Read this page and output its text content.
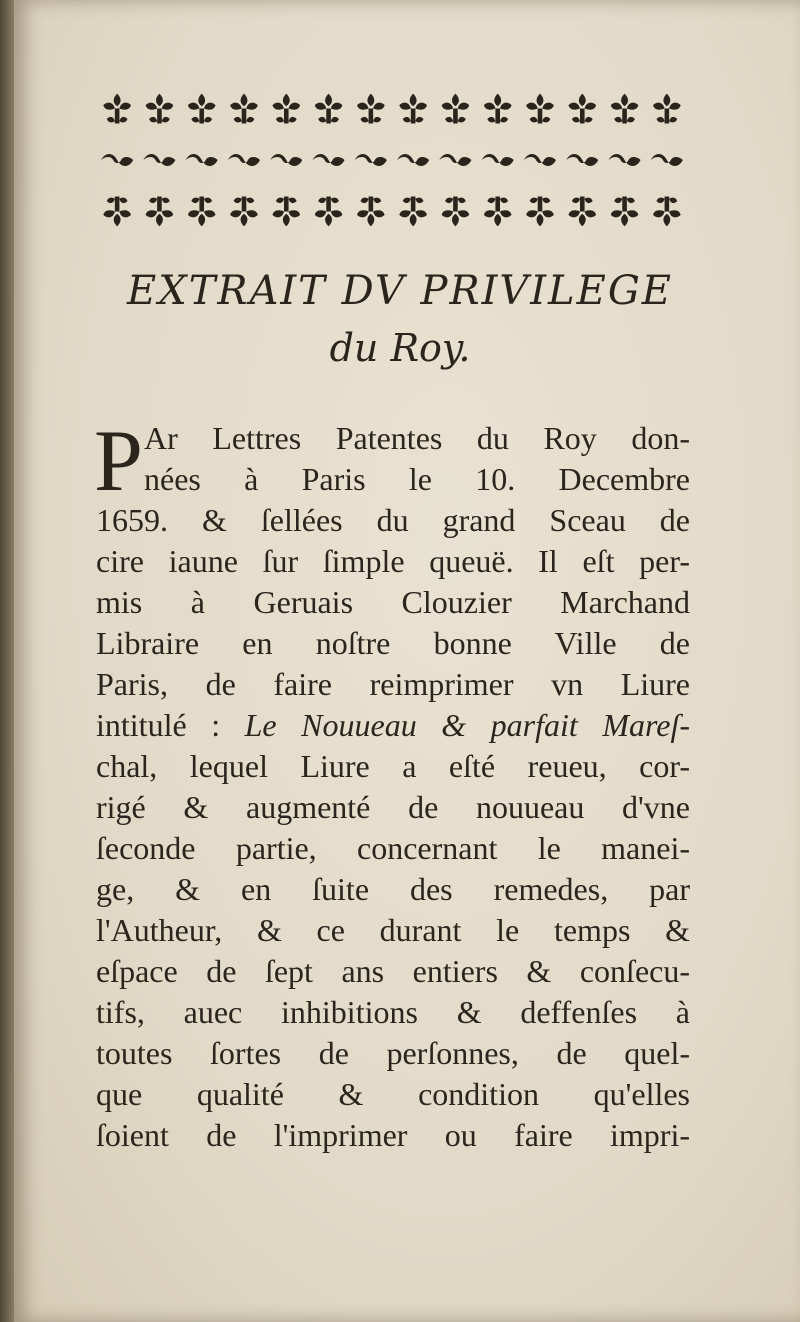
EXTRAIT DV PRIVILEGE
du Roy.
P Ar Lettres Patentes du Roy don-
nées à Paris le 10. Decembre
1659. & ſellées du grand Sceau de
cire iaune ſur ſimple queuë. Il eſt per-
mis à Geruais Clouzier Marchand
Libraire en noſtre bonne Ville de
Paris, de faire reimprimer vn Liure
intitulé : Le Nouueau & parfait Mareſ-
chal, lequel Liure a eſté reueu, cor-
rigé & augmenté de nouueau d'vne
ſeconde partie, concernant le manei-
ge, & en ſuite des remedes, par
l'Autheur, & ce durant le temps &
eſpace de ſept ans entiers & conſecu-
tifs, auec inhibitions & deffenſes à
toutes ſortes de perſonnes, de quel-
que qualité & condition qu'elles
ſoient de l'imprimer ou faire impri-
